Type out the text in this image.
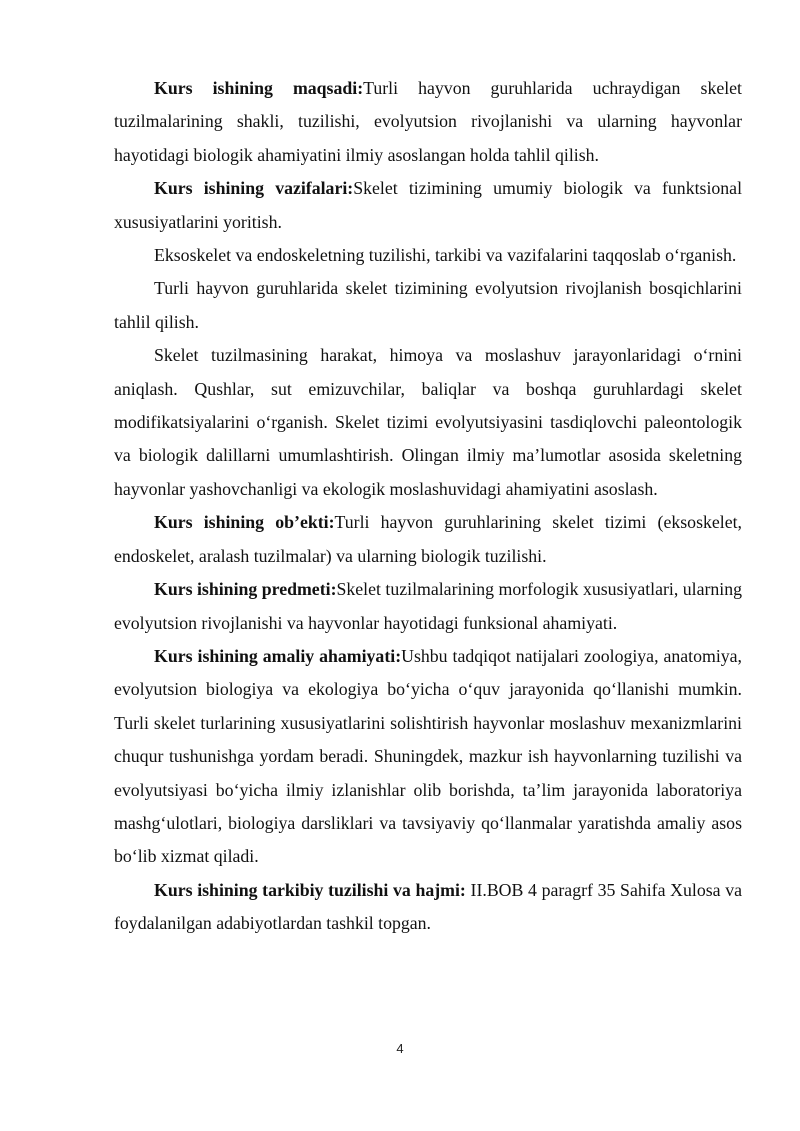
Kurs ishining maqsadi:Turli hayvon guruhlarida uchraydigan skelet tuzilmalarining shakli, tuzilishi, evolyutsion rivojlanishi va ularning hayvonlar hayotidagi biologik ahamiyatini ilmiy asoslangan holda tahlil qilish.

Kurs ishining vazifalari:Skelet tizimining umumiy biologik va funktsional xususiyatlarini yoritish.

Eksoskelet va endoskeletning tuzilishi, tarkibi va vazifalarini taqqoslab o‘rganish.

Turli hayvon guruhlarida skelet tizimining evolyutsion rivojlanish bosqichlarini tahlil qilish.

Skelet tuzilmasining harakat, himoya va moslashuv jarayonlaridagi o‘rnini aniqlash. Qushlar, sut emizuvchilar, baliqlar va boshqa guruhlardagi skelet modifikatsiyalarini o‘rganish. Skelet tizimi evolyutsiyasini tasdiqlovchi paleontologik va biologik dalillarni umumlashtirish. Olingan ilmiy ma’lumotlar asosida skeletning hayvonlar yashovchanligi va ekologik moslashuvidagi ahamiyatini asoslash.

Kurs ishining ob’ekti:Turli hayvon guruhlarining skelet tizimi (eksoskelet, endoskelet, aralash tuzilmalar) va ularning biologik tuzilishi.

Kurs ishining predmeti:Skelet tuzilmalarining morfologik xususiyatlari, ularning evolyutsion rivojlanishi va hayvonlar hayotidagi funksional ahamiyati.

Kurs ishining amaliy ahamiyati:Ushbu tadqiqot natijalari zoologiya, anatomiya, evolyutsion biologiya va ekologiya bo‘yicha o‘quv jarayonida qo‘llanishi mumkin. Turli skelet turlarining xususiyatlarini solishtirish hayvonlar moslashuv mexanizmlarini chuqur tushunishga yordam beradi. Shuningdek, mazkur ish hayvonlarning tuzilishi va evolyutsiyasi bo‘yicha ilmiy izlanishlar olib borishda, ta’lim jarayonida laboratoriya mashg‘ulotlari, biologiya darsliklari va tavsiyaviy qo‘llanmalar yaratishda amaliy asos bo‘lib xizmat qiladi.

Kurs ishining tarkibiy tuzilishi va hajmi: II.BOB 4 paragrf 35 Sahifa Xulosa va foydalanilgan adabiyotlardan tashkil topgan.

4
